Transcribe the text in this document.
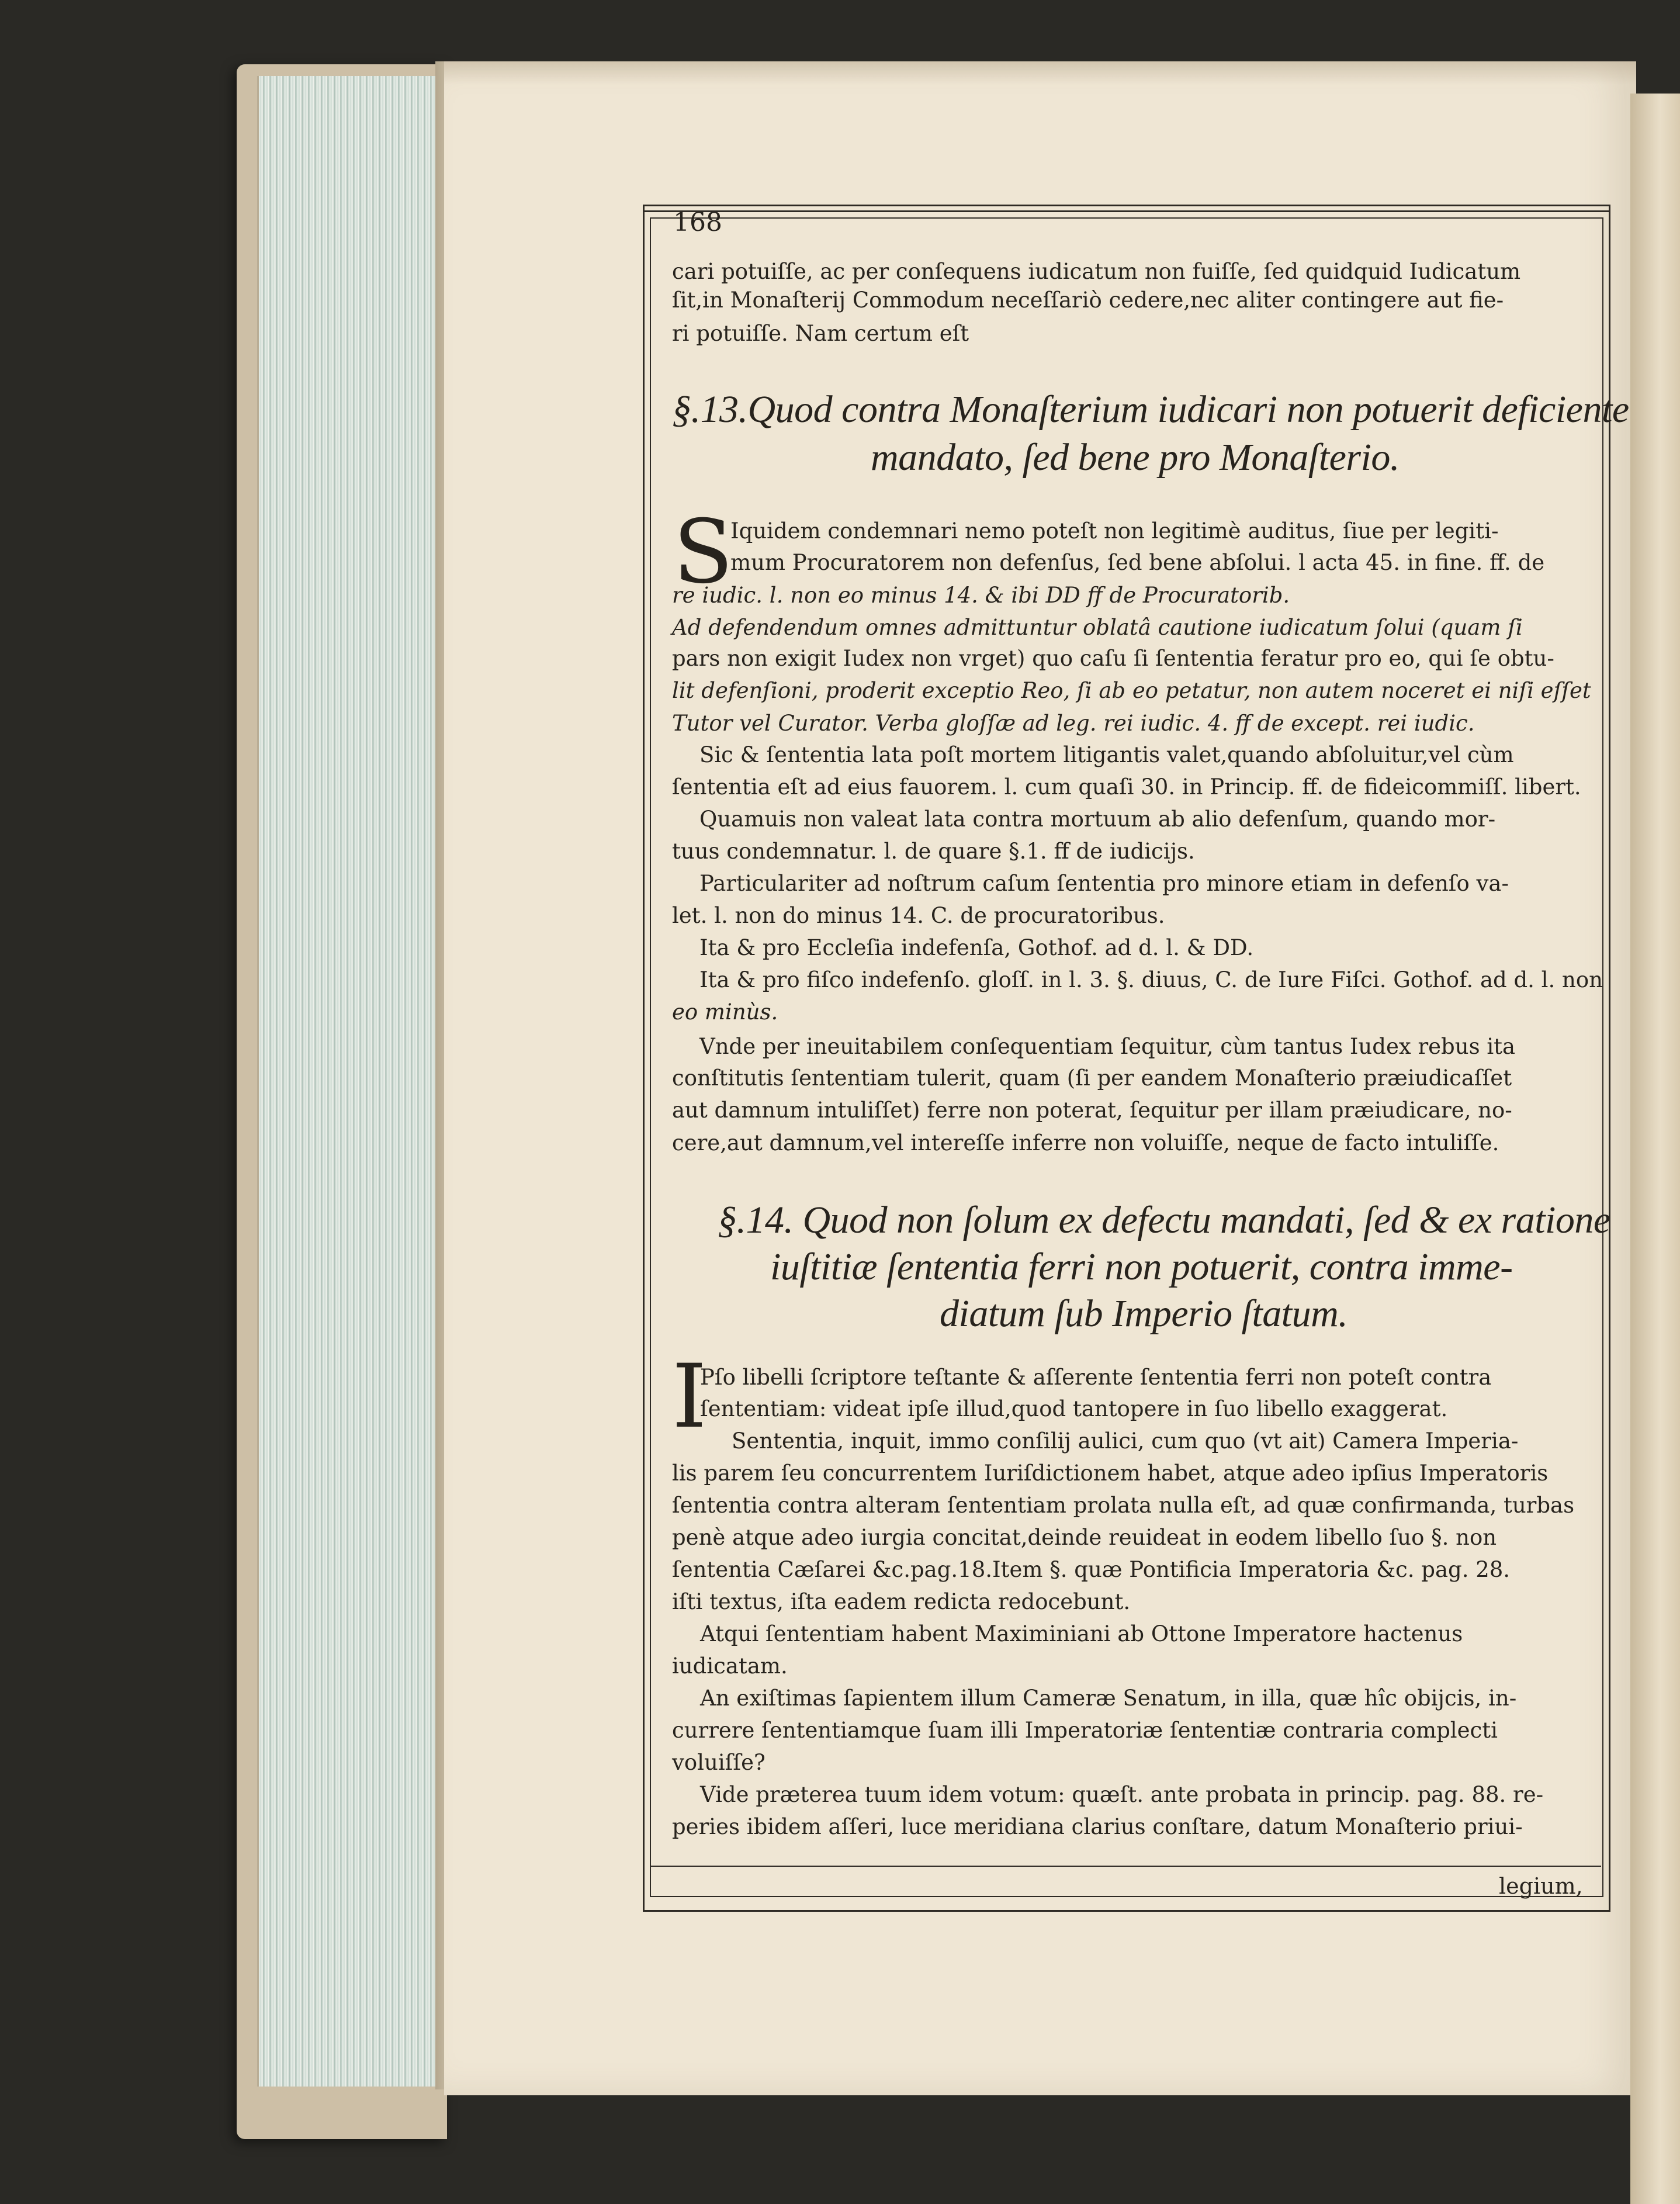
168
cari potuiſſe, ac per conſequens iudicatum non fuiſſe, ſed quidquid Iudicatum
ſit,in Monaſterij Commodum neceſſariò cedere,nec aliter contingere aut fie-
ri potuiſſe. Nam certum eſt
§.13.Quod contra Monaſterium iudicari non potuerit deficiente
mandato, ſed bene pro Monaſterio.
S
Iquidem condemnari nemo poteſt non legitimè auditus, ſiue per legiti-
mum Procuratorem non defenſus, ſed bene abſolui. l acta 45. in fine. ff. de
re iudic. l. non eo minus 14. & ibi DD ff de Procuratorib.
Ad defendendum omnes admittuntur oblatâ cautione iudicatum ſolui (quam ſi
pars non exigit Iudex non vrget) quo caſu ſi ſententia feratur pro eo, qui ſe obtu-
lit defenſioni, proderit exceptio Reo, ſi ab eo petatur, non autem noceret ei niſi eſſet
Tutor vel Curator. Verba gloſſæ ad leg. rei iudic. 4. ff de except. rei iudic.
Sic & ſententia lata poſt mortem litigantis valet,quando abſoluitur,vel cùm
ſententia eſt ad eius fauorem. l. cum quaſi 30. in Princip. ff. de fideicommiſſ. libert.
Quamuis non valeat lata contra mortuum ab alio defenſum, quando mor-
tuus condemnatur. l. de quare §.1. ff de iudicijs.
Particulariter ad noſtrum caſum ſententia pro minore etiam in defenſo va-
let. l. non do minus 14. C. de procuratoribus.
Ita & pro Eccleſia indefenſa, Gothof. ad d. l. & DD.
Ita & pro fiſco indefenſo. gloſſ. in l. 3. §. diuus, C. de Iure Fiſci. Gothof. ad d. l. non
eo minùs.
Vnde per ineuitabilem conſequentiam ſequitur, cùm tantus Iudex rebus ita
conſtitutis ſententiam tulerit, quam (ſi per eandem Monaſterio præiudicaſſet
aut damnum intuliſſet) ferre non poterat, ſequitur per illam præiudicare, no-
cere,aut damnum,vel intereſſe inferre non voluiſſe, neque de facto intuliſſe.
§.14. Quod non ſolum ex defectu mandati, ſed & ex ratione
iuſtitiæ ſententia ferri non potuerit, contra imme-
diatum ſub Imperio ſtatum.
I
Pſo libelli ſcriptore teſtante & aſſerente ſententia ferri non poteſt contra
ſententiam: videat ipſe illud,quod tantopere in ſuo libello exaggerat.
Sententia, inquit, immo conſilij aulici, cum quo (vt ait) Camera Imperia-
lis parem ſeu concurrentem Iuriſdictionem habet, atque adeo ipſius Imperatoris
ſententia contra alteram ſententiam prolata nulla eſt, ad quæ confirmanda, turbas
penè atque adeo iurgia concitat,deinde reuideat in eodem libello ſuo §. non
ſententia Cæſarei &c.pag.18.Item §. quæ Pontificia Imperatoria &c. pag. 28.
iſti textus, iſta eadem redicta redocebunt.
Atqui ſententiam habent Maximiniani ab Ottone Imperatore hactenus
iudicatam.
An exiſtimas ſapientem illum Cameræ Senatum, in illa, quæ hîc obijcis, in-
currere ſententiamque ſuam illi Imperatoriæ ſententiæ contraria complecti
voluiſſe?
Vide præterea tuum idem votum: quæſt. ante probata in princip. pag. 88. re-
peries ibidem aſſeri, luce meridiana clarius conſtare, datum Monaſterio priui-
legium,
